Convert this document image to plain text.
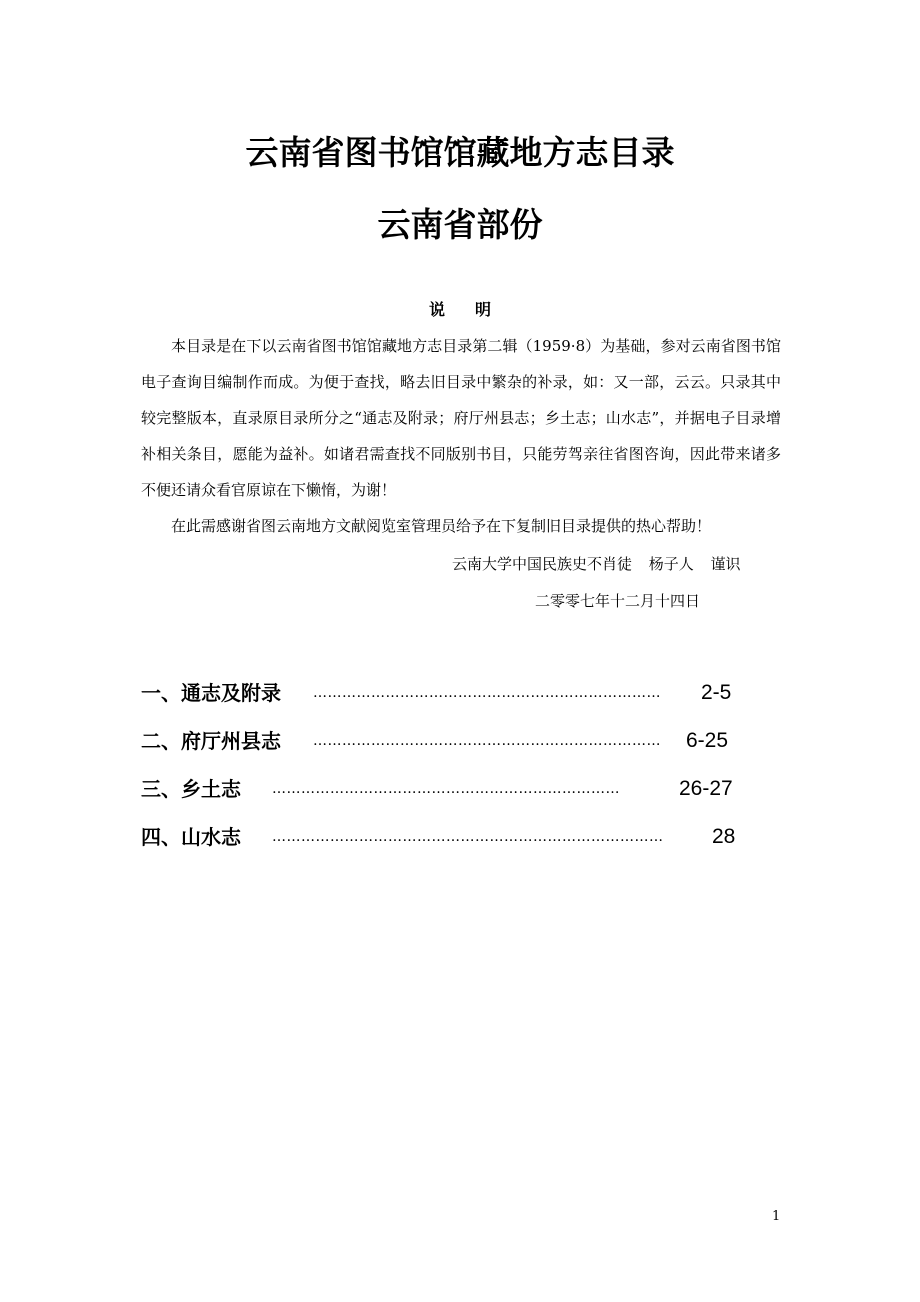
云南省图书馆馆藏地方志目录
云南省部份
说明

本目录是在下以云南省图书馆馆藏地方志目录第二辑（1959·8）为基础，参对云南省图书馆电子查询目编制作而成。为便于查找，略去旧目录中繁杂的补录，如：又一部，云云。只录其中较完整版本，直录原目录所分之“通志及附录；府厅州县志；乡土志；山水志”，并据电子目录增补相关条目，愿能为益补。如诸君需查找不同版别书目，只能劳驾亲往省图咨询，因此带来诸多不便还请众看官原谅在下懒惰，为谢！

在此需感谢省图云南地方文献阅览室管理员给予在下复制旧目录提供的热心帮助！

云南大学中国民族史不肖徒 杨子人 谨识
二零零七年十二月十四日
一、通志及附录 ………………………………………………………………	2-5
二、府厅州县志 ……………………………………………………………… 6-25
三、乡土志 ………………………………………………………………	26-27
四、山水志 ………………………………………………………………………	28
1
